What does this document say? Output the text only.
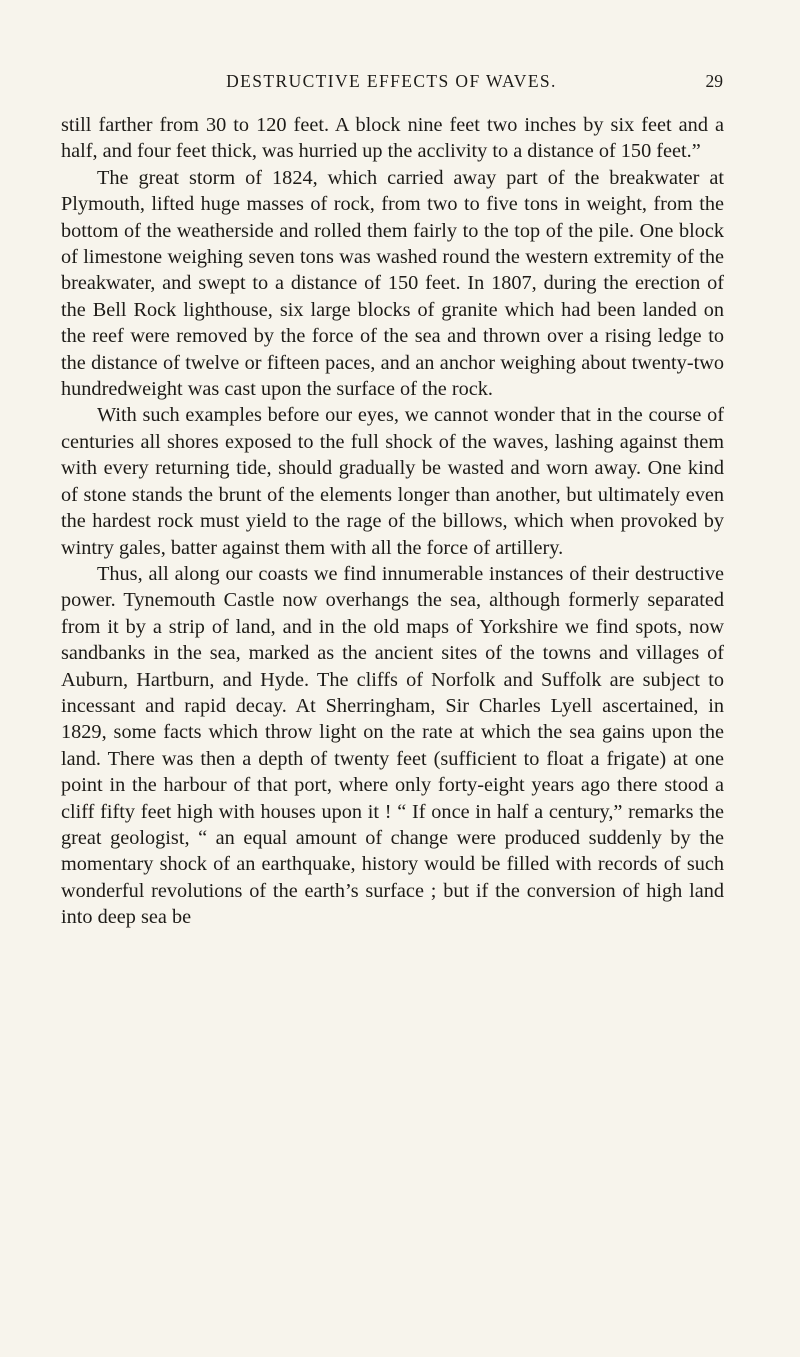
DESTRUCTIVE EFFECTS OF WAVES.	29

still farther from 30 to 120 feet. A block nine feet two inches by six feet and a half, and four feet thick, was hurried up the acclivity to a distance of 150 feet.”

The great storm of 1824, which carried away part of the breakwater at Plymouth, lifted huge masses of rock, from two to five tons in weight, from the bottom of the weatherside and rolled them fairly to the top of the pile. One block of limestone weighing seven tons was washed round the western extremity of the breakwater, and swept to a distance of 150 feet. In 1807, during the erection of the Bell Rock lighthouse, six large blocks of granite which had been landed on the reef were removed by the force of the sea and thrown over a rising ledge to the distance of twelve or fifteen paces, and an anchor weighing about twenty-two hundredweight was cast upon the surface of the rock.

With such examples before our eyes, we cannot wonder that in the course of centuries all shores exposed to the full shock of the waves, lashing against them with every returning tide, should gradually be wasted and worn away. One kind of stone stands the brunt of the elements longer than another, but ultimately even the hardest rock must yield to the rage of the billows, which when provoked by wintry gales, batter against them with all the force of artillery.

Thus, all along our coasts we find innumerable instances of their destructive power. Tynemouth Castle now overhangs the sea, although formerly separated from it by a strip of land, and in the old maps of Yorkshire we find spots, now sandbanks in the sea, marked as the ancient sites of the towns and villages of Auburn, Hartburn, and Hyde. The cliffs of Norfolk and Suffolk are subject to incessant and rapid decay. At Sherringham, Sir Charles Lyell ascertained, in 1829, some facts which throw light on the rate at which the sea gains upon the land. There was then a depth of twenty feet (sufficient to float a frigate) at one point in the harbour of that port, where only forty-eight years ago there stood a cliff fifty feet high with houses upon it ! “ If once in half a century,” remarks the great geologist, “ an equal amount of change were produced suddenly by the momentary shock of an earthquake, history would be filled with records of such wonderful revolutions of the earth’s surface ; but if the conversion of high land into deep sea be
